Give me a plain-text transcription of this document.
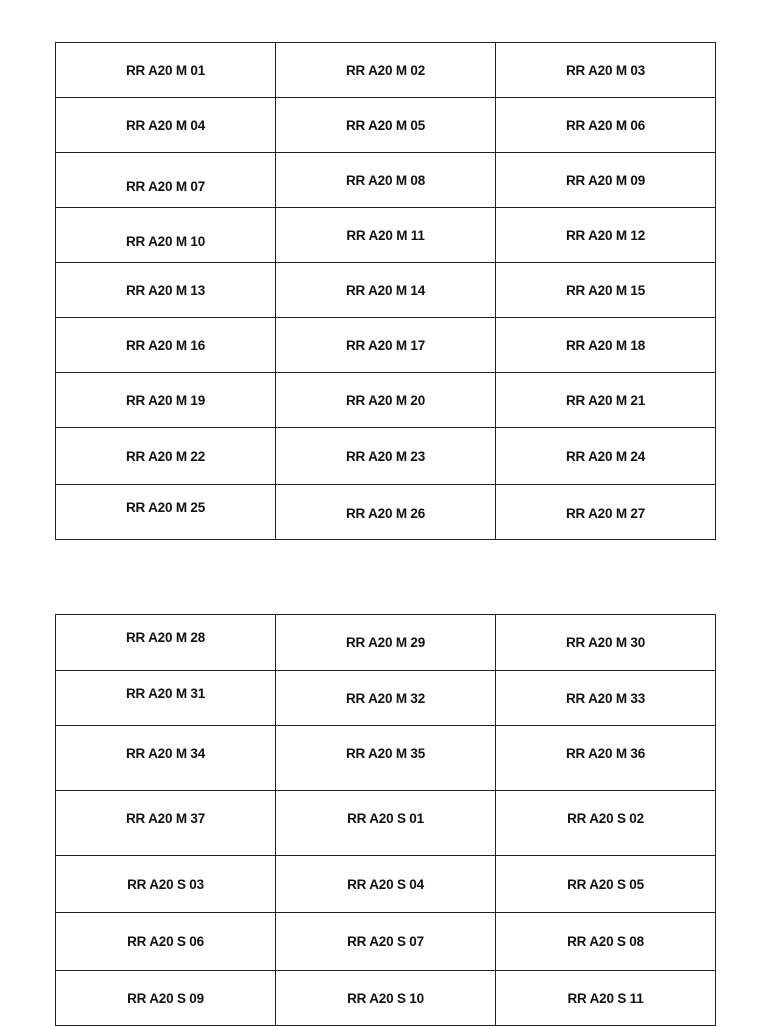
RR A20 M 01	RR A20 M 02	RR A20 M 03
RR A20 M 04	RR A20 M 05	RR A20 M 06
RR A20 M 07	RR A20 M 08	RR A20 M 09
RR A20 M 10	RR A20 M 11	RR A20 M 12
RR A20 M 13	RR A20 M 14	RR A20 M 15
RR A20 M 16	RR A20 M 17	RR A20 M 18
RR A20 M 19	RR A20 M 20	RR A20 M 21
RR A20 M 22	RR A20 M 23	RR A20 M 24
RR A20 M 25	RR A20 M 26	RR A20 M 27
RR A20 M 28	RR A20 M 29	RR A20 M 30
RR A20 M 31	RR A20 M 32	RR A20 M 33
RR A20 M 34	RR A20 M 35	RR A20 M 36
RR A20 M 37	RR A20 S 01	RR A20 S 02
RR A20 S 03	RR A20 S 04	RR A20 S 05
RR A20 S 06	RR A20 S 07	RR A20 S 08
RR A20 S 09	RR A20 S 10	RR A20 S 11
